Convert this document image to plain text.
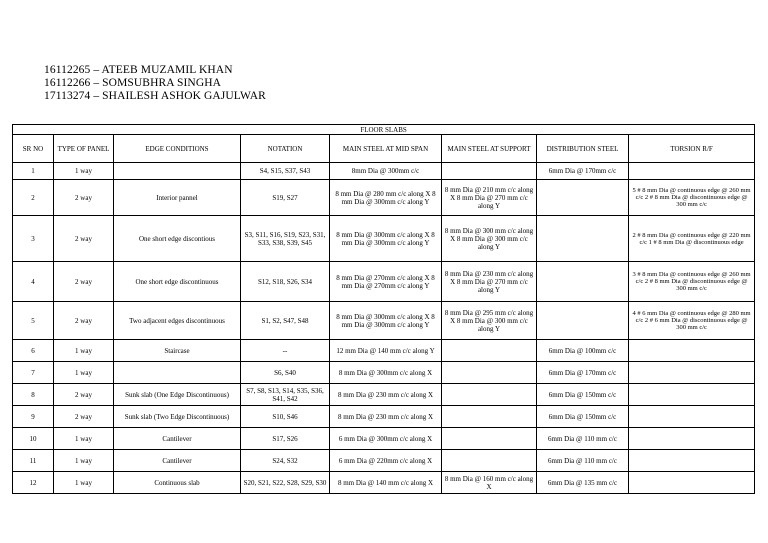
16112265 – ATEEB MUZAMIL KHAN
16112266 – SOMSUBHRA SINGHA
17113274 – SHAILESH ASHOK GAJULWAR
FLOOR SLABS							
SR NO	TYPE OF PANEL	EDGE CONDITIONS	NOTATION	MAIN STEEL AT MID SPAN	MAIN STEEL AT SUPPORT	DISTRIBUTION STEEL	TORSION R/F
1	1 way		S4, S15, S37, S43	8mm Dia @ 300mm c/c		6mm Dia @ 170mm c/c	
2	2 way	Interior pannel	S19, S27	8 mm Dia @ 280 mm c/c along X 8 mm Dia @ 300mm c/c along Y	8 mm Dia @ 210 mm c/c along X 8 mm Dia @ 270 mm c/c along Y		5 # 8 mm Dia @ continuous edge @ 260 mm c/c 2 # 8 mm Dia @ discontinuous edge @ 300 mm c/c
3	2 way	One short edge discontious	S3, S11, S16, S19, S23, S31, S33, S38, S39, S45	8 mm Dia @ 300mm c/c along X 8 mm Dia @ 300mm c/c along Y	8 mm Dia @ 300 mm c/c along X 8 mm Dia @ 300 mm c/c along Y		2 # 8 mm Dia @ continuous edge @ 220 mm c/c 1 # 8 mm Dia @ discontinuous edge
4	2 way	One short edge discontinuous	S12, S18, S26, S34	8 mm Dia @ 270mm c/c along X 8 mm Dia @ 270mm c/c along Y	8 mm Dia @ 230 mm c/c along X 8 mm Dia @ 270 mm c/c along Y		3 # 8 mm Dia @ continuous edge @ 260 mm c/c 2 # 8 mm Dia @ discontinuous edge @ 300 mm c/c
5	2 way	Two adjacent edges discontinuous	S1, S2, S47, S48	8 mm Dia @ 300mm c/c along X 8 mm Dia @ 300mm c/c along Y	8 mm Dia @ 295 mm c/c along X 8 mm Dia @ 300 mm c/c along Y		4 # 6 mm Dia @ continuous edge @ 280 mm c/c 2 # 6 mm Dia @ discontinuous edge @ 300 mm c/c
6	1 way	Staircase	--	12 mm Dia @ 140 mm c/c along Y		6mm Dia @ 100mm c/c	
7	1 way		S6, S40	8 mm Dia @ 300mm c/c along X		6mm Dia @ 170mm c/c	
8	2 way	Sunk slab (One Edge Discontinuous)	S7, S8, S13, S14, S35, S36, S41, S42	8 mm Dia @ 230 mm c/c along X		6mm Dia @ 150mm c/c	
9	2 way	Sunk slab (Two Edge Discontinuous)	S10, S46	8 mm Dia @ 230 mm c/c along X		6mm Dia @ 150mm c/c	
10	1 way	Cantilever	S17, S26	6 mm Dia @ 300mm c/c along X		6mm Dia @ 110 mm c/c	
11	1 way	Cantilever	S24, S32	6 mm Dia @ 220mm c/c along X		6mm Dia @ 110 mm c/c	
12	1 way	Continuous slab	S20, S21, S22, S28, S29, S30	8 mm Dia @ 140 mm c/c along X	8 mm Dia @ 160 mm c/c along X	6mm Dia @ 135 mm c/c	
